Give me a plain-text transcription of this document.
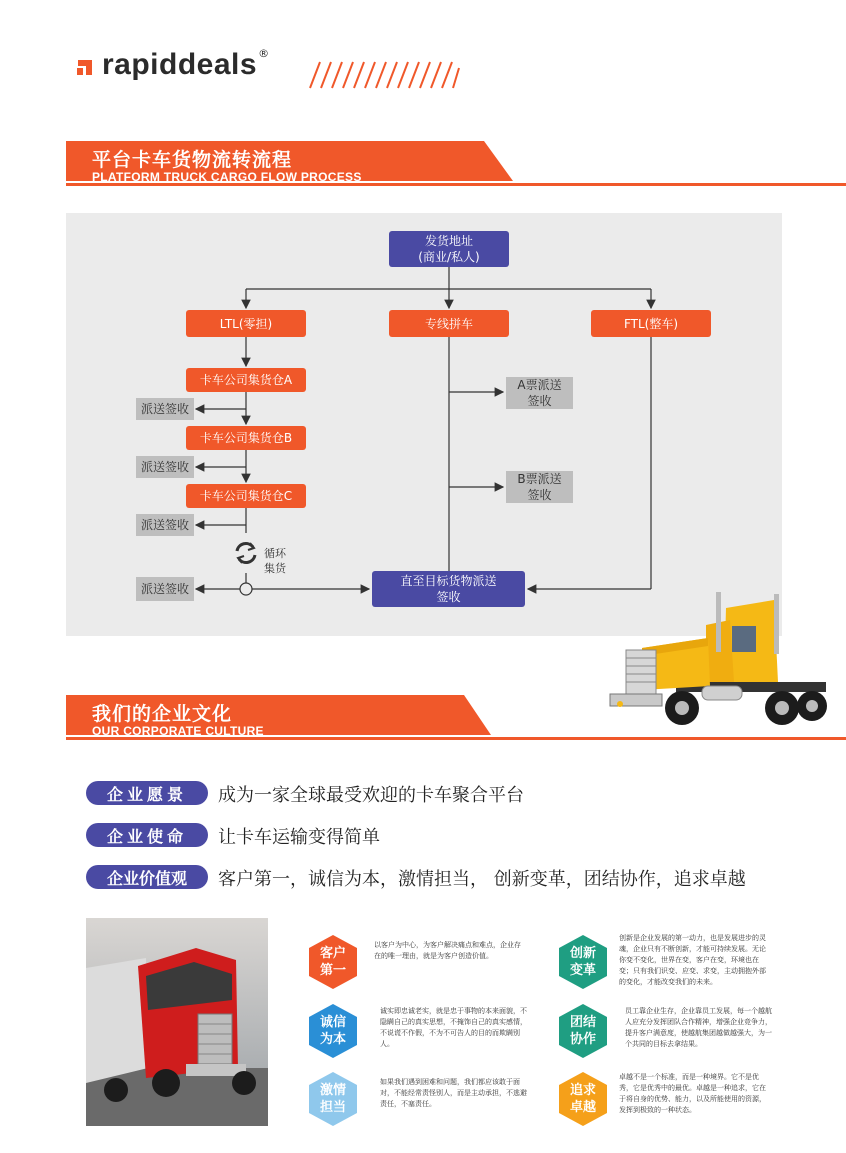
rapiddeals ®
平台卡车货物流转流程
PLATFORM TRUCK CARGO FLOW PROCESS
发货地址
(商业/私人)
LTL(零担)	专线拼车	FTL(整车)
卡车公司集货仓A
卡车公司集货仓B
卡车公司集货仓C
派送签收
派送签收
派送签收
派送签收
A票派送
签收
B票派送
签收
循环
集货
直至目标货物派送
签收
我们的企业文化
OUR CORPORATE CULTURE
企业愿景	成为一家全球最受欢迎的卡车聚合平台
企业使命	让卡车运输变得简单
企业价值观	客户第一，诚信为本，激情担当， 创新变革，团结协作，追求卓越
客户
第一
以客户为中心，为客户解决痛点和难点，企业存在的唯一理由，就是为客户创造价值。
诚信
为本
诚实即忠诚老实，就是忠于事物的本来面貌，不隐瞒自己的真实思想，不掩饰自己的真实感情，不说谎不作假，不为不可告人的目的而欺瞒别人。
激情
担当
如果我们遇到困难和问题，我们都应该敢于面对，不能经常责怪别人，而是主动承担，不逃避责任，不塞责任。
创新
变革
创新是企业发展的第一动力，也是发展进步的灵魂，企业只有不断创新，才能可持续发展。无论你变不变化，世界在变，客户在变，环境也在变；只有我们识变、应变、求变，主动拥抱外部的变化，才能改变我们的未来。
团结
协作
员工靠企业生存，企业靠员工发展，每一个越航人应充分发挥团队合作精神，增强企业竞争力，提升客户满意度，使越航集团越做越强大，为一个共同的目标去拿结果。
追求
卓越
卓越不是一个标准，而是一种境界。它不是优秀，它是优秀中的最优。卓越是一种追求，它在于将自身的优势、能力，以及所能使用的资源，发挥到极致的一种状态。
